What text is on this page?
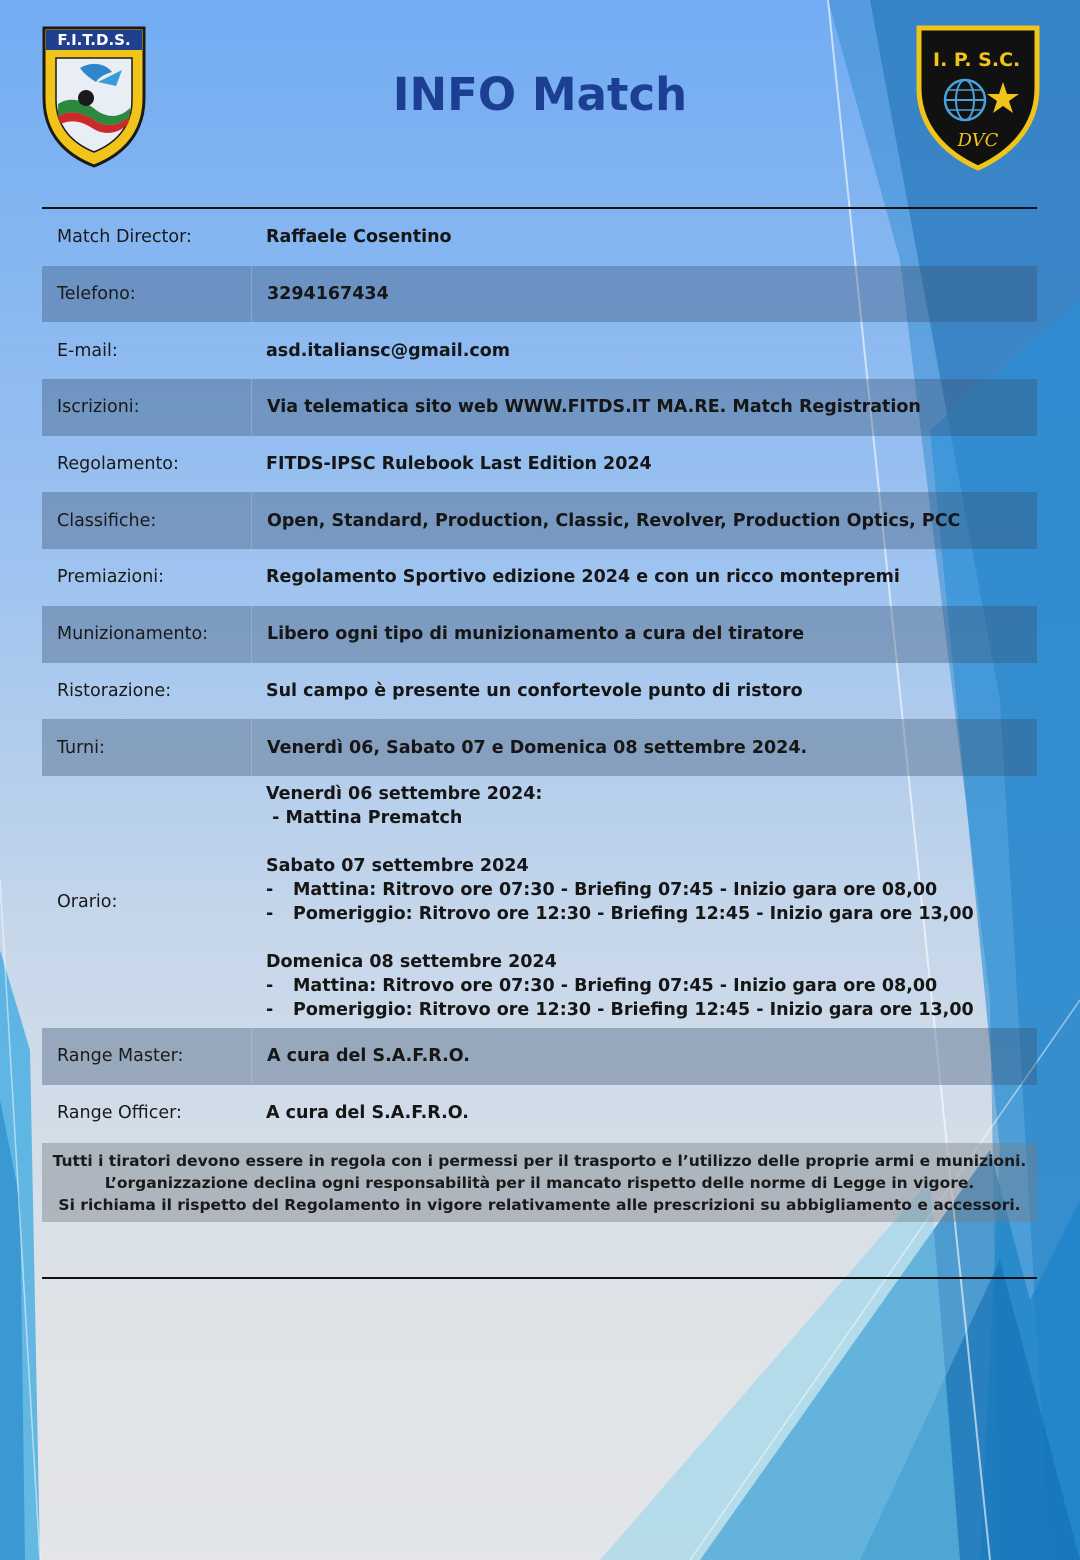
F.I.T.D.S.
INFO Match
I. P. S.C.
DVC
Match Director:	Raffaele Cosentino
Telefono:	3294167434
E-mail:	asd.italiansc@gmail.com
Iscrizioni:	Via telematica sito web WWW.FITDS.IT MA.RE. Match Registration
Regolamento:	FITDS-IPSC Rulebook Last Edition 2024
Classifiche:	Open, Standard, Production, Classic, Revolver, Production Optics, PCC
Premiazioni:	Regolamento Sportivo edizione 2024 e con un ricco montepremi
Munizionamento:	Libero ogni tipo di munizionamento a cura del tiratore
Ristorazione:	Sul campo è presente un confortevole punto di ristoro
Turni:	Venerdì 06, Sabato 07 e Domenica 08 settembre 2024.
Orario:
Venerdì 06 settembre 2024:
- Mattina Prematch
Sabato 07 settembre 2024
- Mattina: Ritrovo ore 07:30 - Briefing 07:45 - Inizio gara ore 08,00
- Pomeriggio: Ritrovo ore 12:30 - Briefing 12:45 - Inizio gara ore 13,00
Domenica 08 settembre 2024
- Mattina: Ritrovo ore 07:30 - Briefing 07:45 - Inizio gara ore 08,00
- Pomeriggio: Ritrovo ore 12:30 - Briefing 12:45 - Inizio gara ore 13,00
Range Master:	A cura del S.A.F.R.O.
Range Officer:	A cura del S.A.F.R.O.
Tutti i tiratori devono essere in regola con i permessi per il trasporto e l’utilizzo delle proprie armi e munizioni.
L’organizzazione declina ogni responsabilità per il mancato rispetto delle norme di Legge in vigore.
Si richiama il rispetto del Regolamento in vigore relativamente alle prescrizioni su abbigliamento e accessori.
